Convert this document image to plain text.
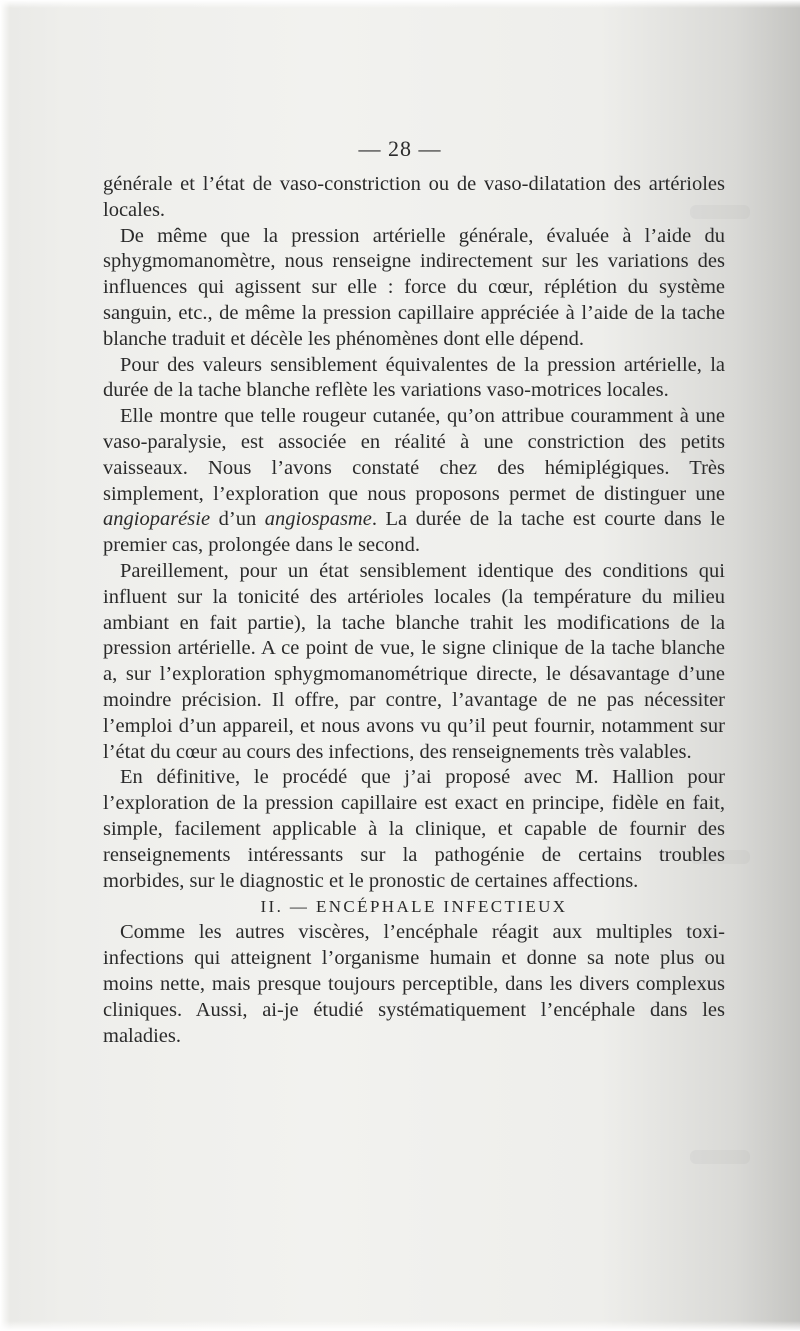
— 28 —

générale et l’état de vaso-constriction ou de vaso-dilatation des artérioles locales.

De même que la pression artérielle générale, évaluée à l’aide du sphygmomanomètre, nous renseigne indirectement sur les variations des influences qui agissent sur elle : force du cœur, réplétion du système sanguin, etc., de même la pression capillaire appréciée à l’aide de la tache blanche traduit et décèle les phénomènes dont elle dépend.

Pour des valeurs sensiblement équivalentes de la pression artérielle, la durée de la tache blanche reflète les variations vaso-motrices locales.

Elle montre que telle rougeur cutanée, qu’on attribue couramment à une vaso-paralysie, est associée en réalité à une constriction des petits vaisseaux. Nous l’avons constaté chez des hémiplégiques. Très simplement, l’exploration que nous proposons permet de distinguer une angioparésie d’un angiospasme. La durée de la tache est courte dans le premier cas, prolongée dans le second.

Pareillement, pour un état sensiblement identique des conditions qui influent sur la tonicité des artérioles locales (la température du milieu ambiant en fait partie), la tache blanche trahit les modifications de la pression artérielle. A ce point de vue, le signe clinique de la tache blanche a, sur l’exploration sphygmomanométrique directe, le désavantage d’une moindre précision. Il offre, par contre, l’avantage de ne pas nécessiter l’emploi d’un appareil, et nous avons vu qu’il peut fournir, notamment sur l’état du cœur au cours des infections, des renseignements très valables.

En définitive, le procédé que j’ai proposé avec M. Hallion pour l’exploration de la pression capillaire est exact en principe, fidèle en fait, simple, facilement applicable à la clinique, et capable de fournir des renseignements intéressants sur la pathogénie de certains troubles morbides, sur le diagnostic et le pronostic de certaines affections.

II. — ENCÉPHALE INFECTIEUX

Comme les autres viscères, l’encéphale réagit aux multiples toxi-infections qui atteignent l’organisme humain et donne sa note plus ou moins nette, mais presque toujours perceptible, dans les divers complexus cliniques. Aussi, ai-je étudié systématiquement l’encéphale dans les maladies.
